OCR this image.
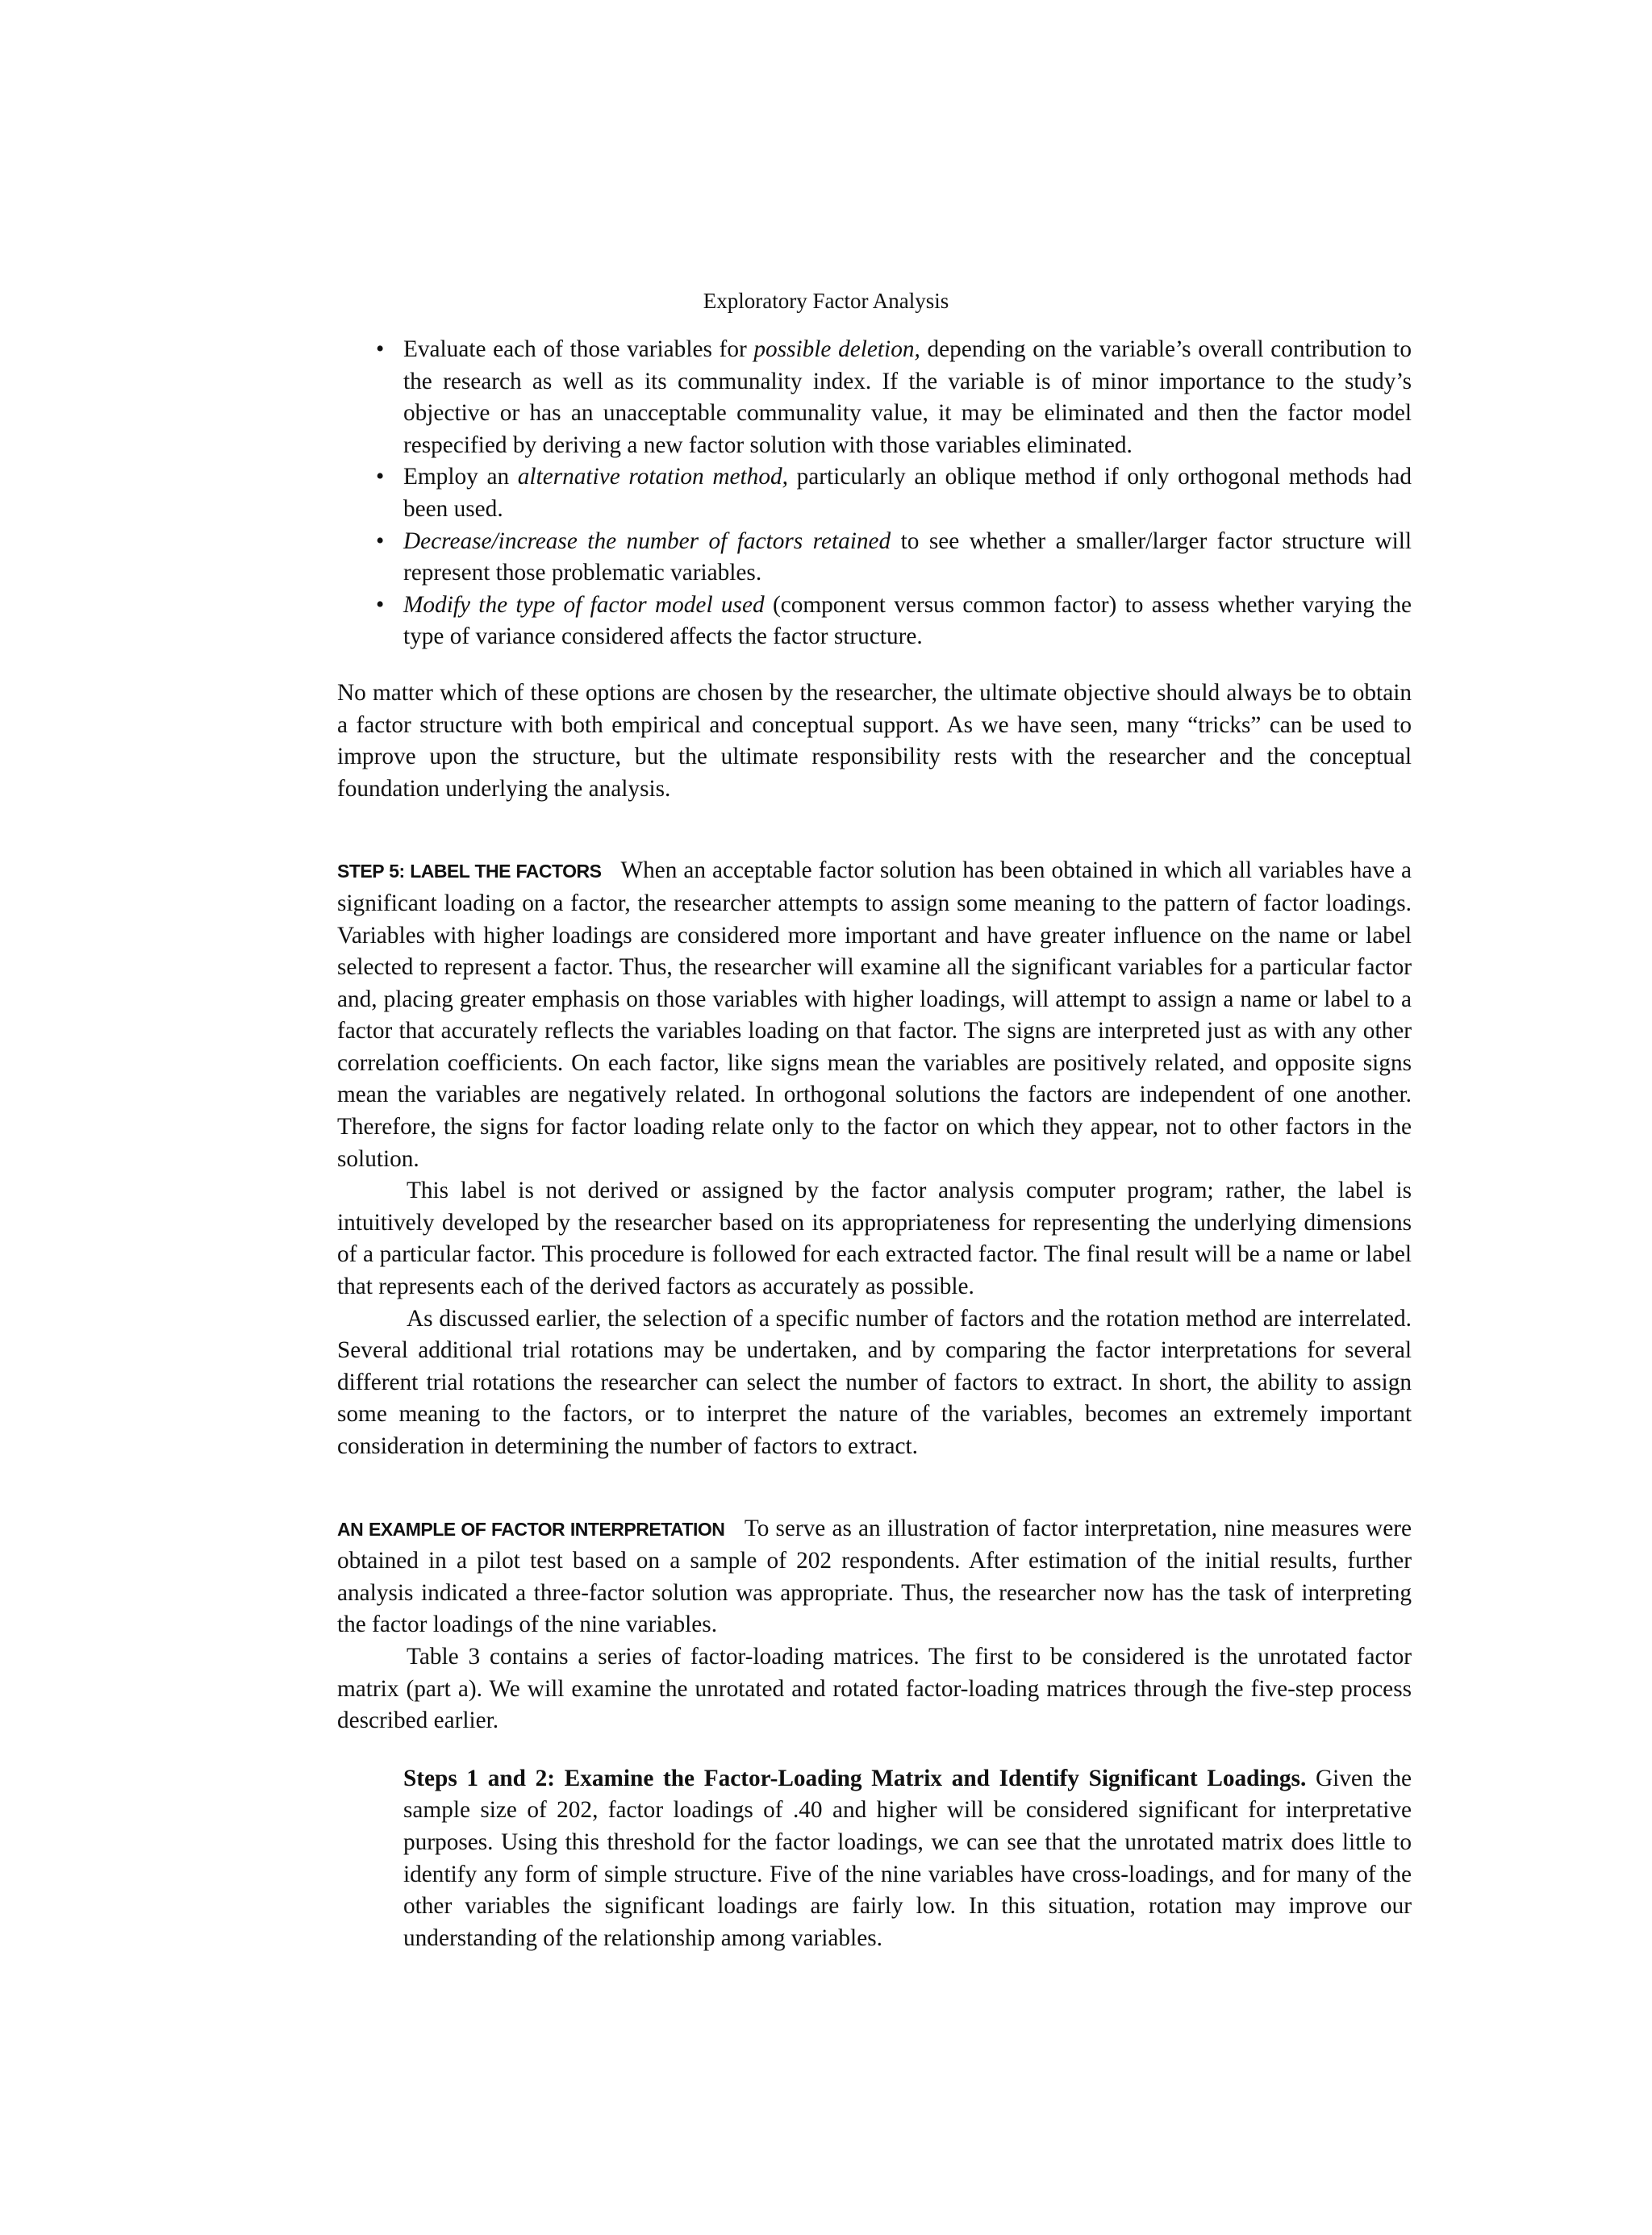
Exploratory Factor Analysis
• Evaluate each of those variables for possible deletion, depending on the variable’s overall contribution to the research as well as its communality index. If the variable is of minor importance to the study’s objective or has an unacceptable communality value, it may be eliminated and then the factor model respecified by deriving a new factor solution with those variables eliminated.
• Employ an alternative rotation method, particularly an oblique method if only orthogonal methods had been used.
• Decrease/increase the number of factors retained to see whether a smaller/larger factor structure will represent those problematic variables.
• Modify the type of factor model used (component versus common factor) to assess whether varying the type of variance considered affects the factor structure.

No matter which of these options are chosen by the researcher, the ultimate objective should always be to obtain a factor structure with both empirical and conceptual support. As we have seen, many “tricks” can be used to improve upon the structure, but the ultimate responsibility rests with the researcher and the conceptual foundation underlying the analysis.

STEP 5: LABEL THE FACTORS When an acceptable factor solution has been obtained in which all variables have a significant loading on a factor, the researcher attempts to assign some meaning to the pattern of factor loadings. Variables with higher loadings are considered more important and have greater influence on the name or label selected to represent a factor. Thus, the researcher will examine all the significant variables for a particular factor and, placing greater emphasis on those variables with higher loadings, will attempt to assign a name or label to a factor that accurately reflects the variables loading on that factor. The signs are interpreted just as with any other correlation coefficients. On each factor, like signs mean the variables are positively related, and opposite signs mean the variables are negatively related. In orthogonal solutions the factors are independent of one another. Therefore, the signs for factor loading relate only to the factor on which they appear, not to other factors in the solution.

This label is not derived or assigned by the factor analysis computer program; rather, the label is intuitively developed by the researcher based on its appropriateness for representing the underlying dimensions of a particular factor. This procedure is followed for each extracted factor. The final result will be a name or label that represents each of the derived factors as accurately as possible.

As discussed earlier, the selection of a specific number of factors and the rotation method are interrelated. Several additional trial rotations may be undertaken, and by comparing the factor interpretations for several different trial rotations the researcher can select the number of factors to extract. In short, the ability to assign some meaning to the factors, or to interpret the nature of the variables, becomes an extremely important consideration in determining the number of factors to extract.

AN EXAMPLE OF FACTOR INTERPRETATION To serve as an illustration of factor interpretation, nine measures were obtained in a pilot test based on a sample of 202 respondents. After estimation of the initial results, further analysis indicated a three-factor solution was appropriate. Thus, the researcher now has the task of interpreting the factor loadings of the nine variables.

Table 3 contains a series of factor-loading matrices. The first to be considered is the unrotated factor matrix (part a). We will examine the unrotated and rotated factor-loading matrices through the five-step process described earlier.

Steps 1 and 2: Examine the Factor-Loading Matrix and Identify Significant Loadings. Given the sample size of 202, factor loadings of .40 and higher will be considered significant for interpretative purposes. Using this threshold for the factor loadings, we can see that the unrotated matrix does little to identify any form of simple structure. Five of the nine variables have cross-loadings, and for many of the other variables the significant loadings are fairly low. In this situation, rotation may improve our understanding of the relationship among variables.
